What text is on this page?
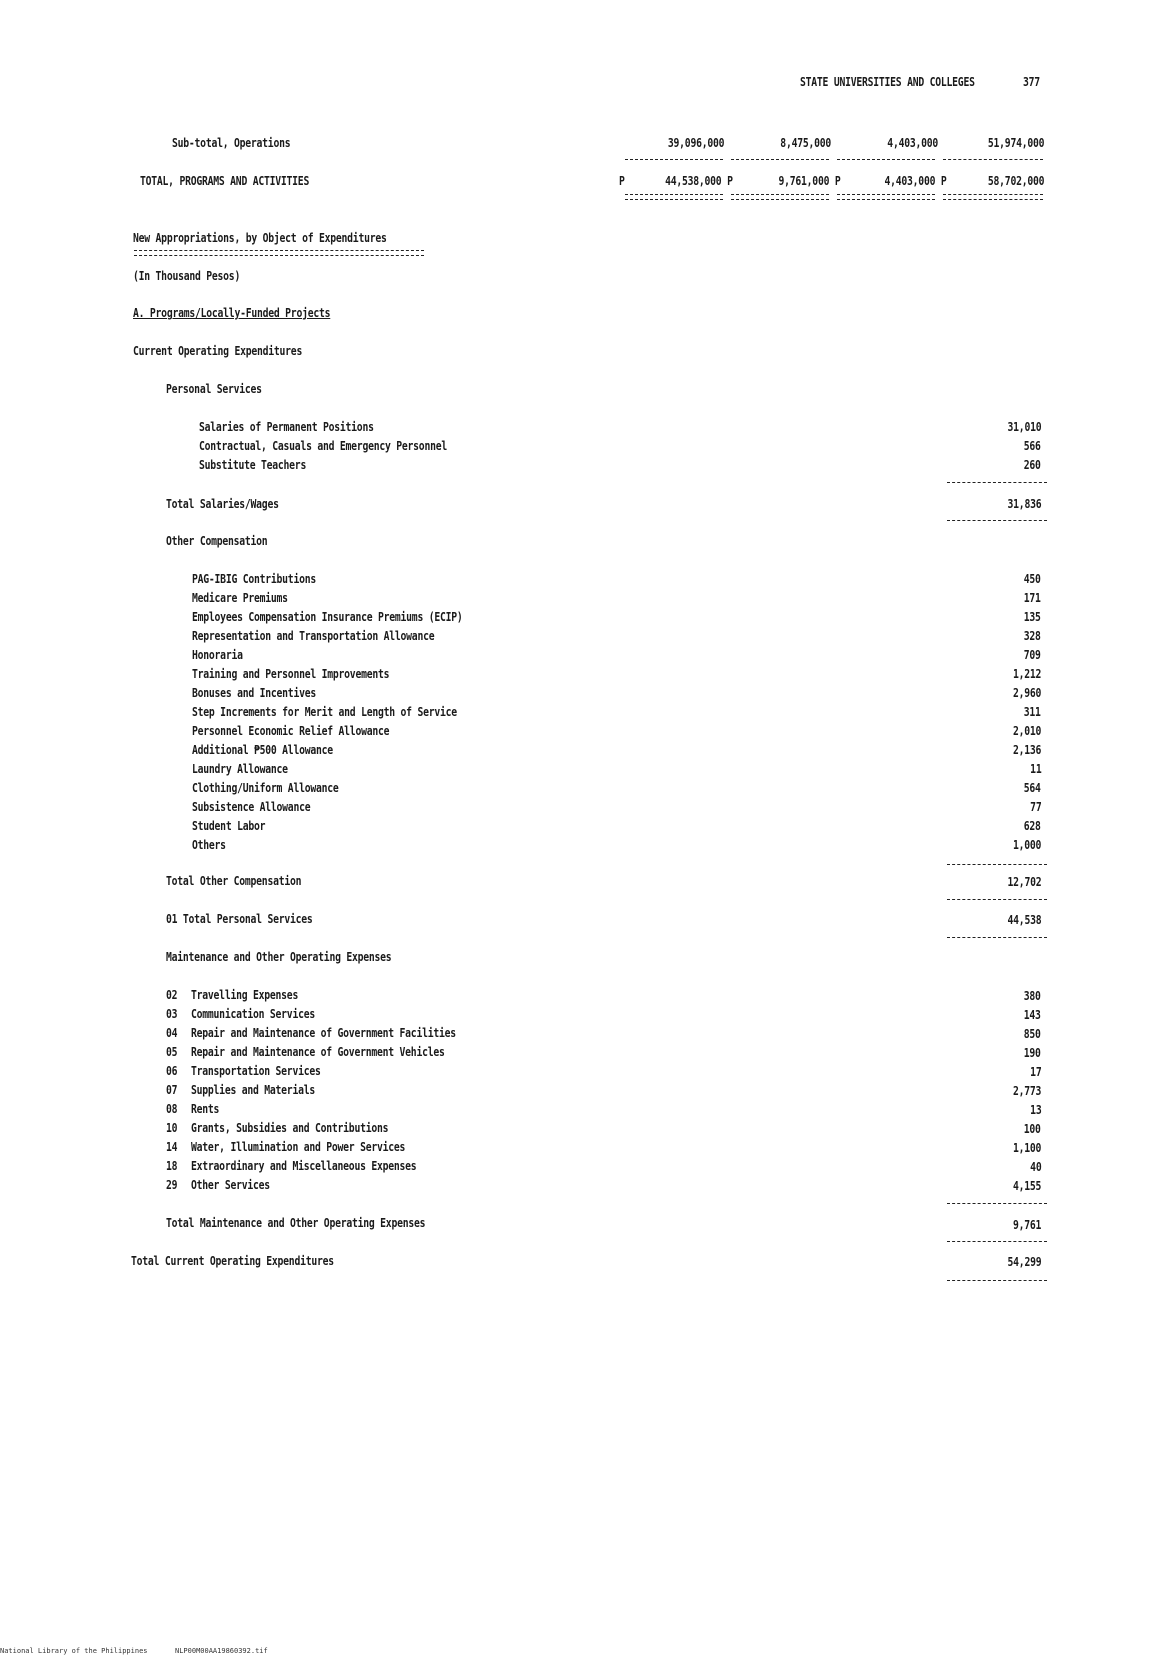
STATE UNIVERSITIES AND COLLEGES	377
Sub-total, Operations	39,096,000	8,475,000	4,403,000	51,974,000
TOTAL, PROGRAMS AND ACTIVITIES	P	44,538,000 P	9,761,000 P	4,403,000 P	58,702,000
New Appropriations, by Object of Expenditures
(In Thousand Pesos)
A. Programs/Locally-Funded Projects
Current Operating Expenditures
Personal Services
Salaries of Permanent Positions	31,010
Contractual, Casuals and Emergency Personnel	566
Substitute Teachers	260
Total Salaries/Wages	31,836
Other Compensation
PAG-IBIG Contributions	450
Medicare Premiums	171
Employees Compensation Insurance Premiums (ECIP)	135
Representation and Transportation Allowance	328
Honoraria	709
Training and Personnel Improvements	1,212
Bonuses and Incentives	2,960
Step Increments for Merit and Length of Service	311
Personnel Economic Relief Allowance	2,010
Additional ₱500 Allowance	2,136
Laundry Allowance	11
Clothing/Uniform Allowance	564
Subsistence Allowance	77
Student Labor	628
Others	1,000
Total Other Compensation	12,702
01 Total Personal Services	44,538
Maintenance and Other Operating Expenses
02 Travelling Expenses	380
03 Communication Services	143
04 Repair and Maintenance of Government Facilities	850
05 Repair and Maintenance of Government Vehicles	190
06 Transportation Services	17
07 Supplies and Materials	2,773
08 Rents	13
10 Grants, Subsidies and Contributions	100
14 Water, Illumination and Power Services	1,100
18 Extraordinary and Miscellaneous Expenses	40
29 Other Services	4,155
Total Maintenance and Other Operating Expenses	9,761
Total Current Operating Expenditures	54,299
National Library of the Philippines	NLP00M00AA19860392.tif
